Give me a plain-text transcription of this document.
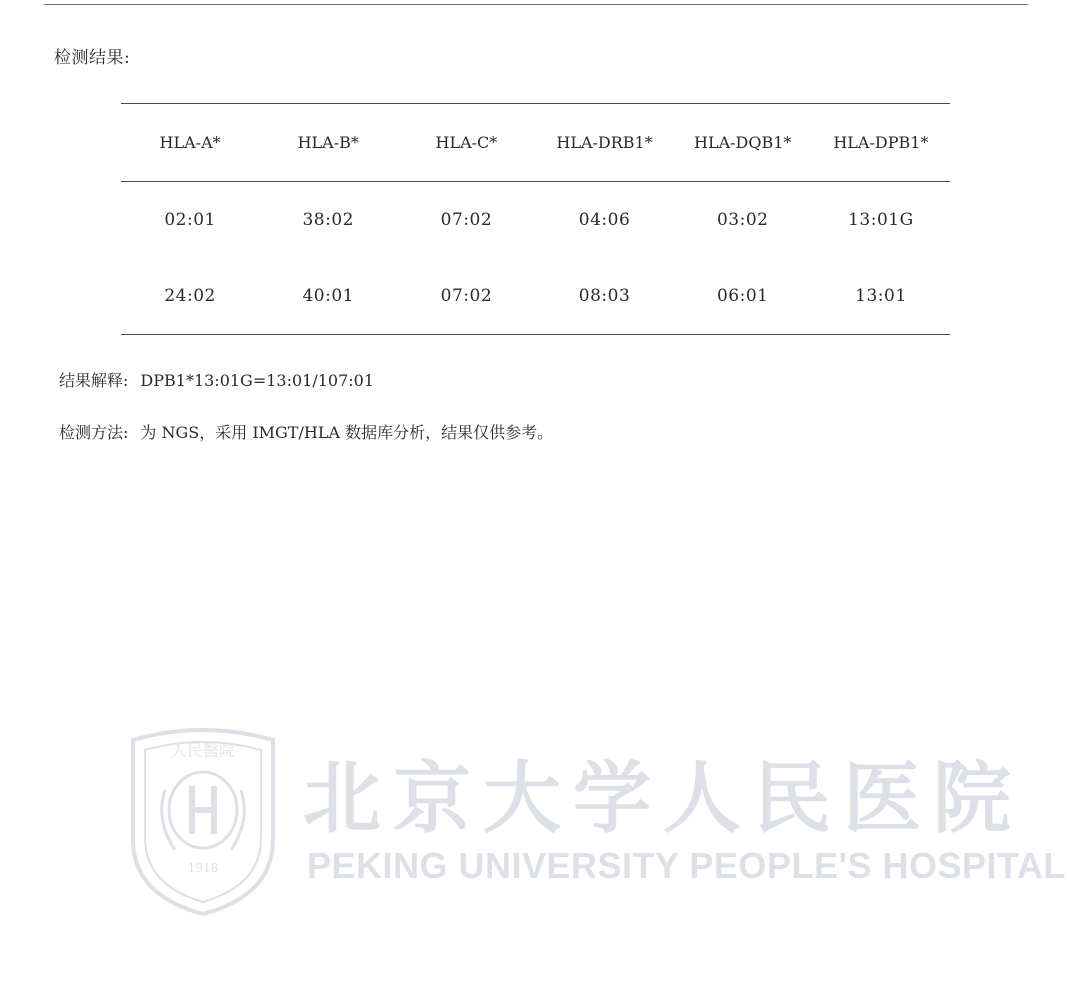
检测结果:
HLA-A*	HLA-B*	HLA-C*	HLA-DRB1*	HLA-DQB1*	HLA-DPB1*
02:01	38:02	07:02	04:06	03:02	13:01G
24:02	40:01	07:02	08:03	06:01	13:01
结果解释: DPB1*13:01G=13:01/107:01
检测方法: 为 NGS，采用 IMGT/HLA 数据库分析，结果仅供参考。
人民醫院
1918
北京大学人民医院
PEKING UNIVERSITY PEOPLE'S HOSPITAL
